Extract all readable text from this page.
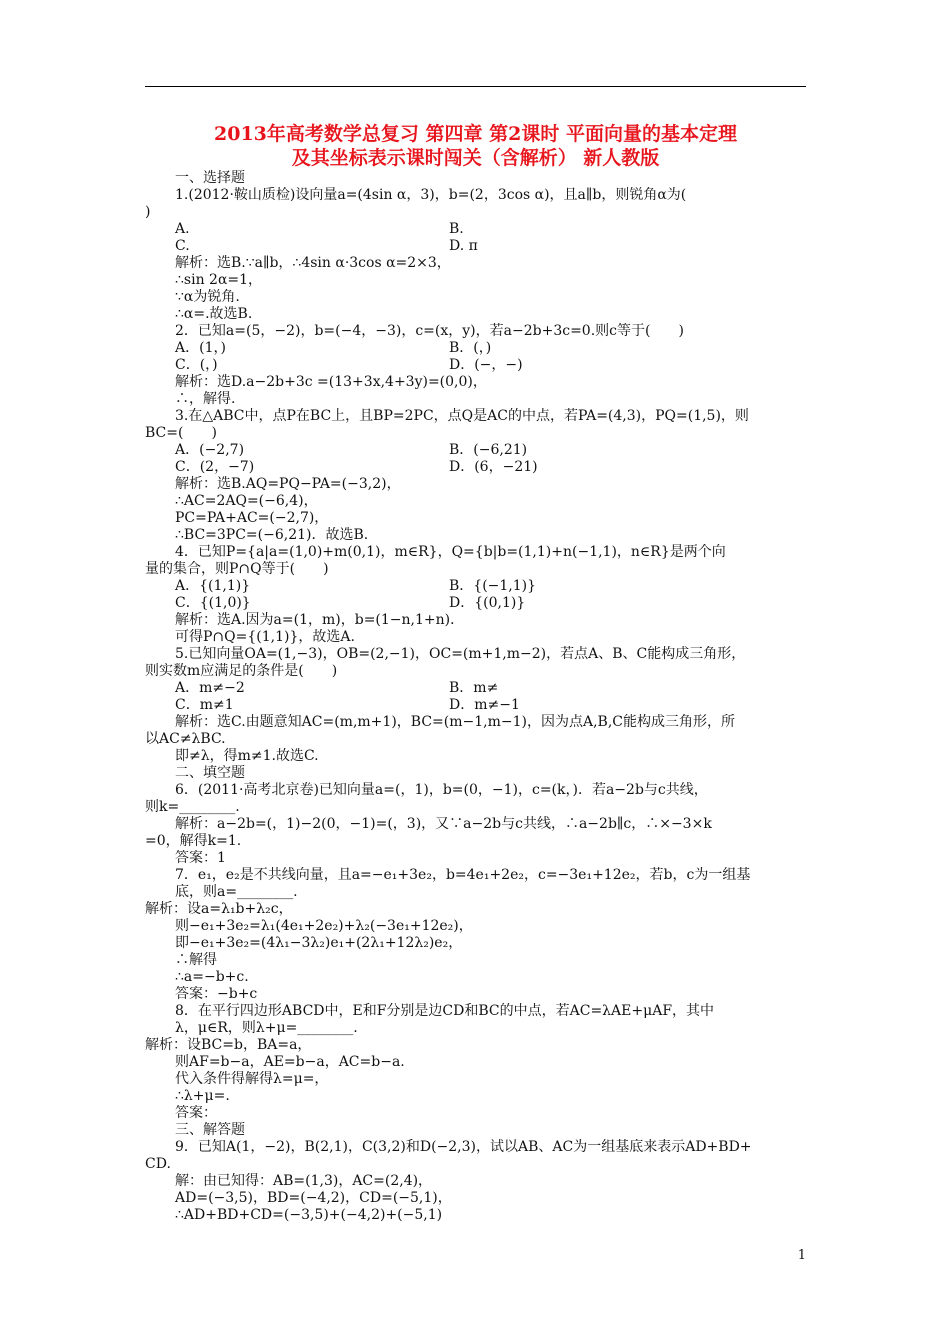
2013年高考数学总复习 第四章 第2课时 平面向量的基本定理
及其坐标表示课时闯关（含解析） 新人教版
一、选择题
1.(2012·鞍山质检)设向量a=(4sin α，3)，b=(2，3cos α)，且a∥b，则锐角α为(
)
A.	B.
C.	D. π
解析：选B.∵a∥b，∴4sin α·3cos α=2×3，
∴sin 2α=1，
∵α为锐角.
∴α=.故选B.
2．已知a=(5，−2)，b=(−4，−3)，c=(x，y)，若a−2b+3c=0.则c等于(　　)
A．(1，)	B．(，)
C．(，)	D．(−，−)
解析：选D.a−2b+3c =(13+3x,4+3y)=(0,0)，
∴，解得.
3.在△ABC中，点P在BC上，且BP=2PC，点Q是AC的中点，若PA=(4,3)，PQ=(1,5)，则
BC=(　　)
A．(−2,7)	B．(−6,21)
C．(2，−7)	D．(6，−21)
解析：选B.AQ=PQ−PA=(−3,2)，
∴AC=2AQ=(−6,4)，
PC=PA+AC=(−2,7)，
∴BC=3PC=(−6,21)．故选B.
4．已知P={a|a=(1,0)+m(0,1)，m∈R}，Q={b|b=(1,1)+n(−1,1)，n∈R}是两个向
量的集合，则P∩Q等于(　　)
A．{(1,1)}	B．{(−1,1)}
C．{(1,0)}	D．{(0,1)}
解析：选A.因为a=(1，m)，b=(1−n,1+n)．
可得P∩Q={(1,1)}，故选A.
5.已知向量OA=(1,−3)，OB=(2,−1)，OC=(m+1,m−2)，若点A、B、C能构成三角形，
则实数m应满足的条件是(　　)
A．m≠−2	B．m≠
C．m≠1	D．m≠−1
解析：选C.由题意知AC=(m,m+1)，BC=(m−1,m−1)，因为点A,B,C能构成三角形，所
以AC≠λBC.
即≠λ，得m≠1.故选C.
二、填空题
6．(2011·高考北京卷)已知向量a=(，1)，b=(0，−1)，c=(k，)．若a−2b与c共线，
则k=________.
解析：a−2b=(，1)−2(0，−1)=(，3)，又∵a−2b与c共线，∴a−2b∥c，∴×−3×k
=0，解得k=1.
答案：1
7．e₁，e₂是不共线向量，且a=−e₁+3e₂，b=4e₁+2e₂，c=−3e₁+12e₂，若b，c为一组基
底，则a=________.
解析：设a=λ₁b+λ₂c，
则−e₁+3e₂=λ₁(4e₁+2e₂)+λ₂(−3e₁+12e₂)，
即−e₁+3e₂=(4λ₁−3λ₂)e₁+(2λ₁+12λ₂)e₂，
∴解得
∴a=−b+c.
答案：−b+c
8．在平行四边形ABCD中，E和F分别是边CD和BC的中点，若AC=λAE+μAF，其中
λ，μ∈R，则λ+μ=________.
解析：设BC=b，BA=a，
则AF=b−a，AE=b−a，AC=b−a.
代入条件得解得λ=μ=，
∴λ+μ=.
答案：
三、解答题
9．已知A(1，−2)，B(2,1)，C(3,2)和D(−2,3)，试以AB、AC为一组基底来表示AD+BD+
CD.
解：由已知得：AB=(1,3)，AC=(2,4)，
AD=(−3,5)，BD=(−4,2)，CD=(−5,1)，
∴AD+BD+CD=(−3,5)+(−4,2)+(−5,1)
1
